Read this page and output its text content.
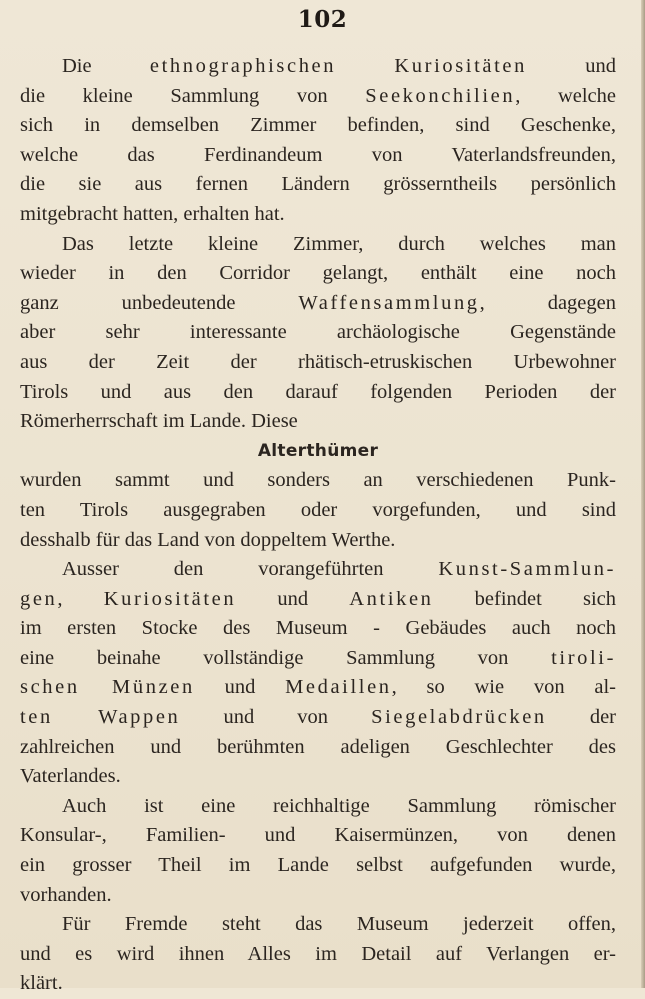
102
Die ethnographischen	Kuriositäten und
die kleine Sammlung von Seekonchilien, welche
sich in demselben Zimmer befinden, sind Geschenke,
welche das Ferdinandeum von Vaterlandsfreunden,
die sie aus fernen Ländern grösserntheils persönlich
mitgebracht hatten, erhalten hat.
Das letzte kleine Zimmer, durch welches man
wieder in den Corridor gelangt, enthält eine noch
ganz unbedeutende Waffensammlung, dagegen
aber sehr interessante archäologische Gegenstände
aus der Zeit der rhätisch-etruskischen Urbewohner
Tirols und aus den darauf folgenden Perioden der
Römerherrschaft im Lande. Diese
Alterthümer
wurden sammt und sonders an verschiedenen Punk-
ten Tirols ausgegraben oder vorgefunden, und sind
desshalb für das Land von doppeltem Werthe.
Ausser den vorangeführten Kunst-Sammlun-
gen, Kuriositäten und Antiken befindet sich
im ersten Stocke des Museum - Gebäudes auch noch
eine beinahe vollständige Sammlung von tiroli-
schen Münzen und Medaillen, so wie von al-
ten Wappen und von Siegelabdrücken der
zahlreichen und berühmten adeligen Geschlechter des
Vaterlandes.
Auch ist eine reichhaltige Sammlung römischer
Konsular-, Familien- und Kaisermünzen, von denen
ein grosser Theil im Lande selbst aufgefunden wurde,
vorhanden.
Für Fremde steht das Museum jederzeit offen,
und es wird ihnen Alles im Detail auf Verlangen er-
klärt.
